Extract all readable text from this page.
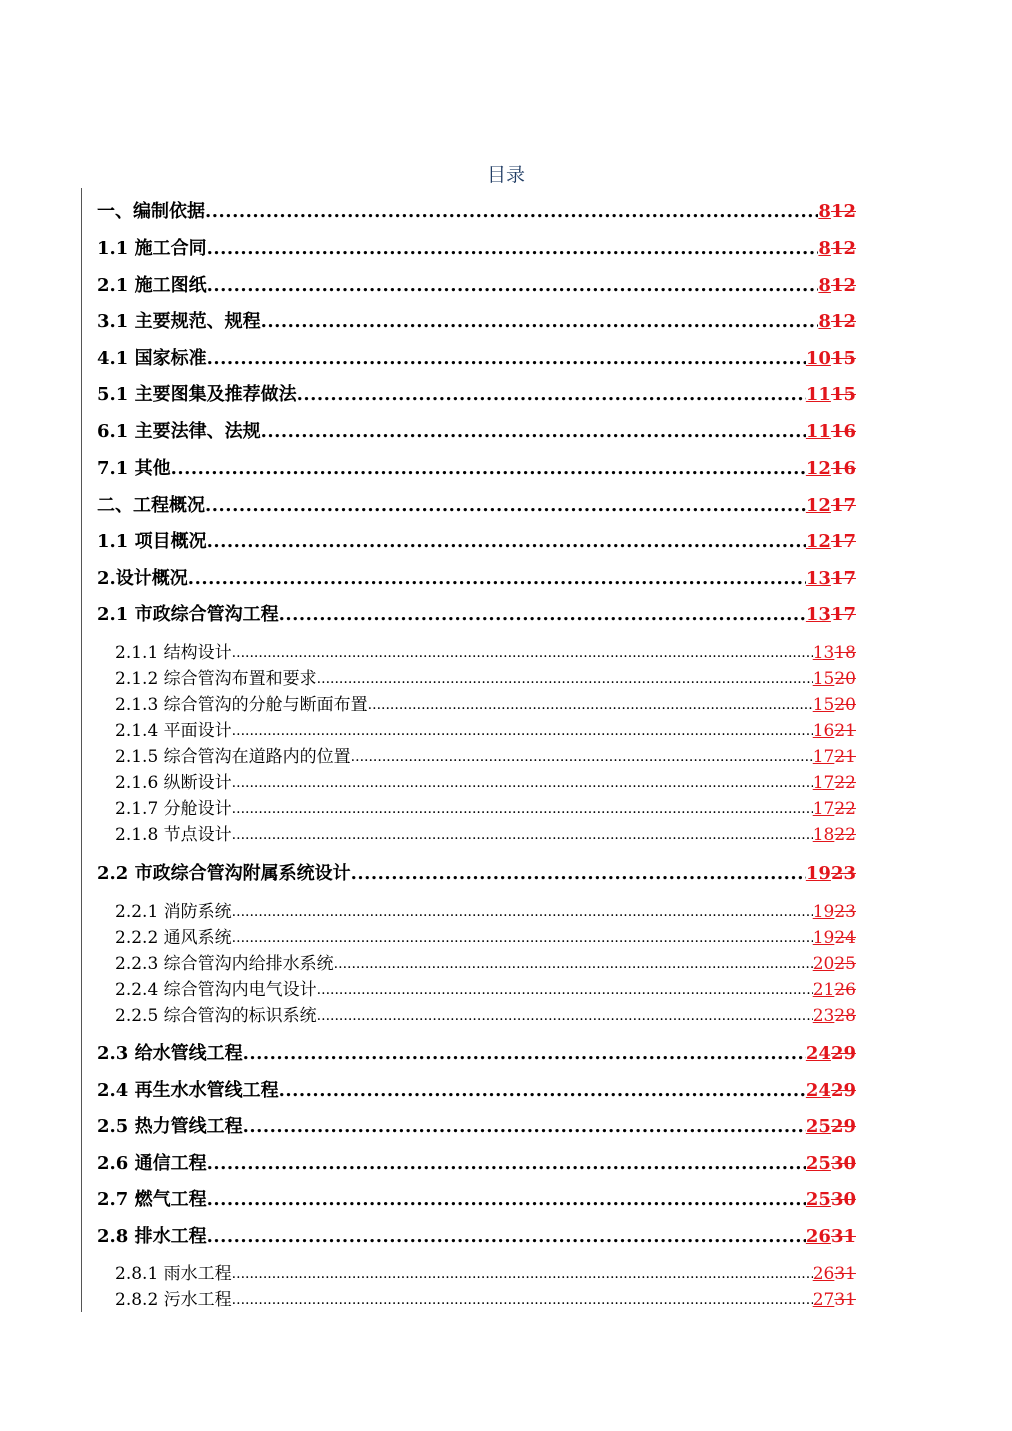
目录
一、编制依据 .....	8 12
1.1 施工合同 .....	8 12
2.1 施工图纸 .....	8 12
3.1 主要规范、规程 .....	8 12
4.1 国家标准 .....	10 15
5.1 主要图集及推荐做法 .....	11 15
6.1 主要法律、法规 .....	11 16
7.1 其他 .....	12 16
二、工程概况 .....	12 17
1.1 项目概况 .....	12 17
2.设计概况 .....	13 17
2.1 市政综合管沟工程 .....	13 17
2.1.1 结构设计 .....	13 18
2.1.2 综合管沟布置和要求 .....	15 20
2.1.3 综合管沟的分舱与断面布置 .....	15 20
2.1.4 平面设计 .....	16 21
2.1.5 综合管沟在道路内的位置 .....	17 21
2.1.6 纵断设计 .....	17 22
2.1.7 分舱设计 .....	17 22
2.1.8 节点设计 .....	18 22
2.2 市政综合管沟附属系统设计 .....	19 23
2.2.1 消防系统 .....	19 23
2.2.2 通风系统 .....	19 24
2.2.3 综合管沟内给排水系统 .....	20 25
2.2.4 综合管沟内电气设计 .....	21 26
2.2.5 综合管沟的标识系统 .....	23 28
2.3 给水管线工程 .....	24 29
2.4 再生水水管线工程 .....	24 29
2.5 热力管线工程 .....	25 29
2.6 通信工程 .....	25 30
2.7 燃气工程 .....	25 30
2.8 排水工程 .....	26 31
2.8.1 雨水工程 .....	26 31
2.8.2 污水工程 .....	27 31
